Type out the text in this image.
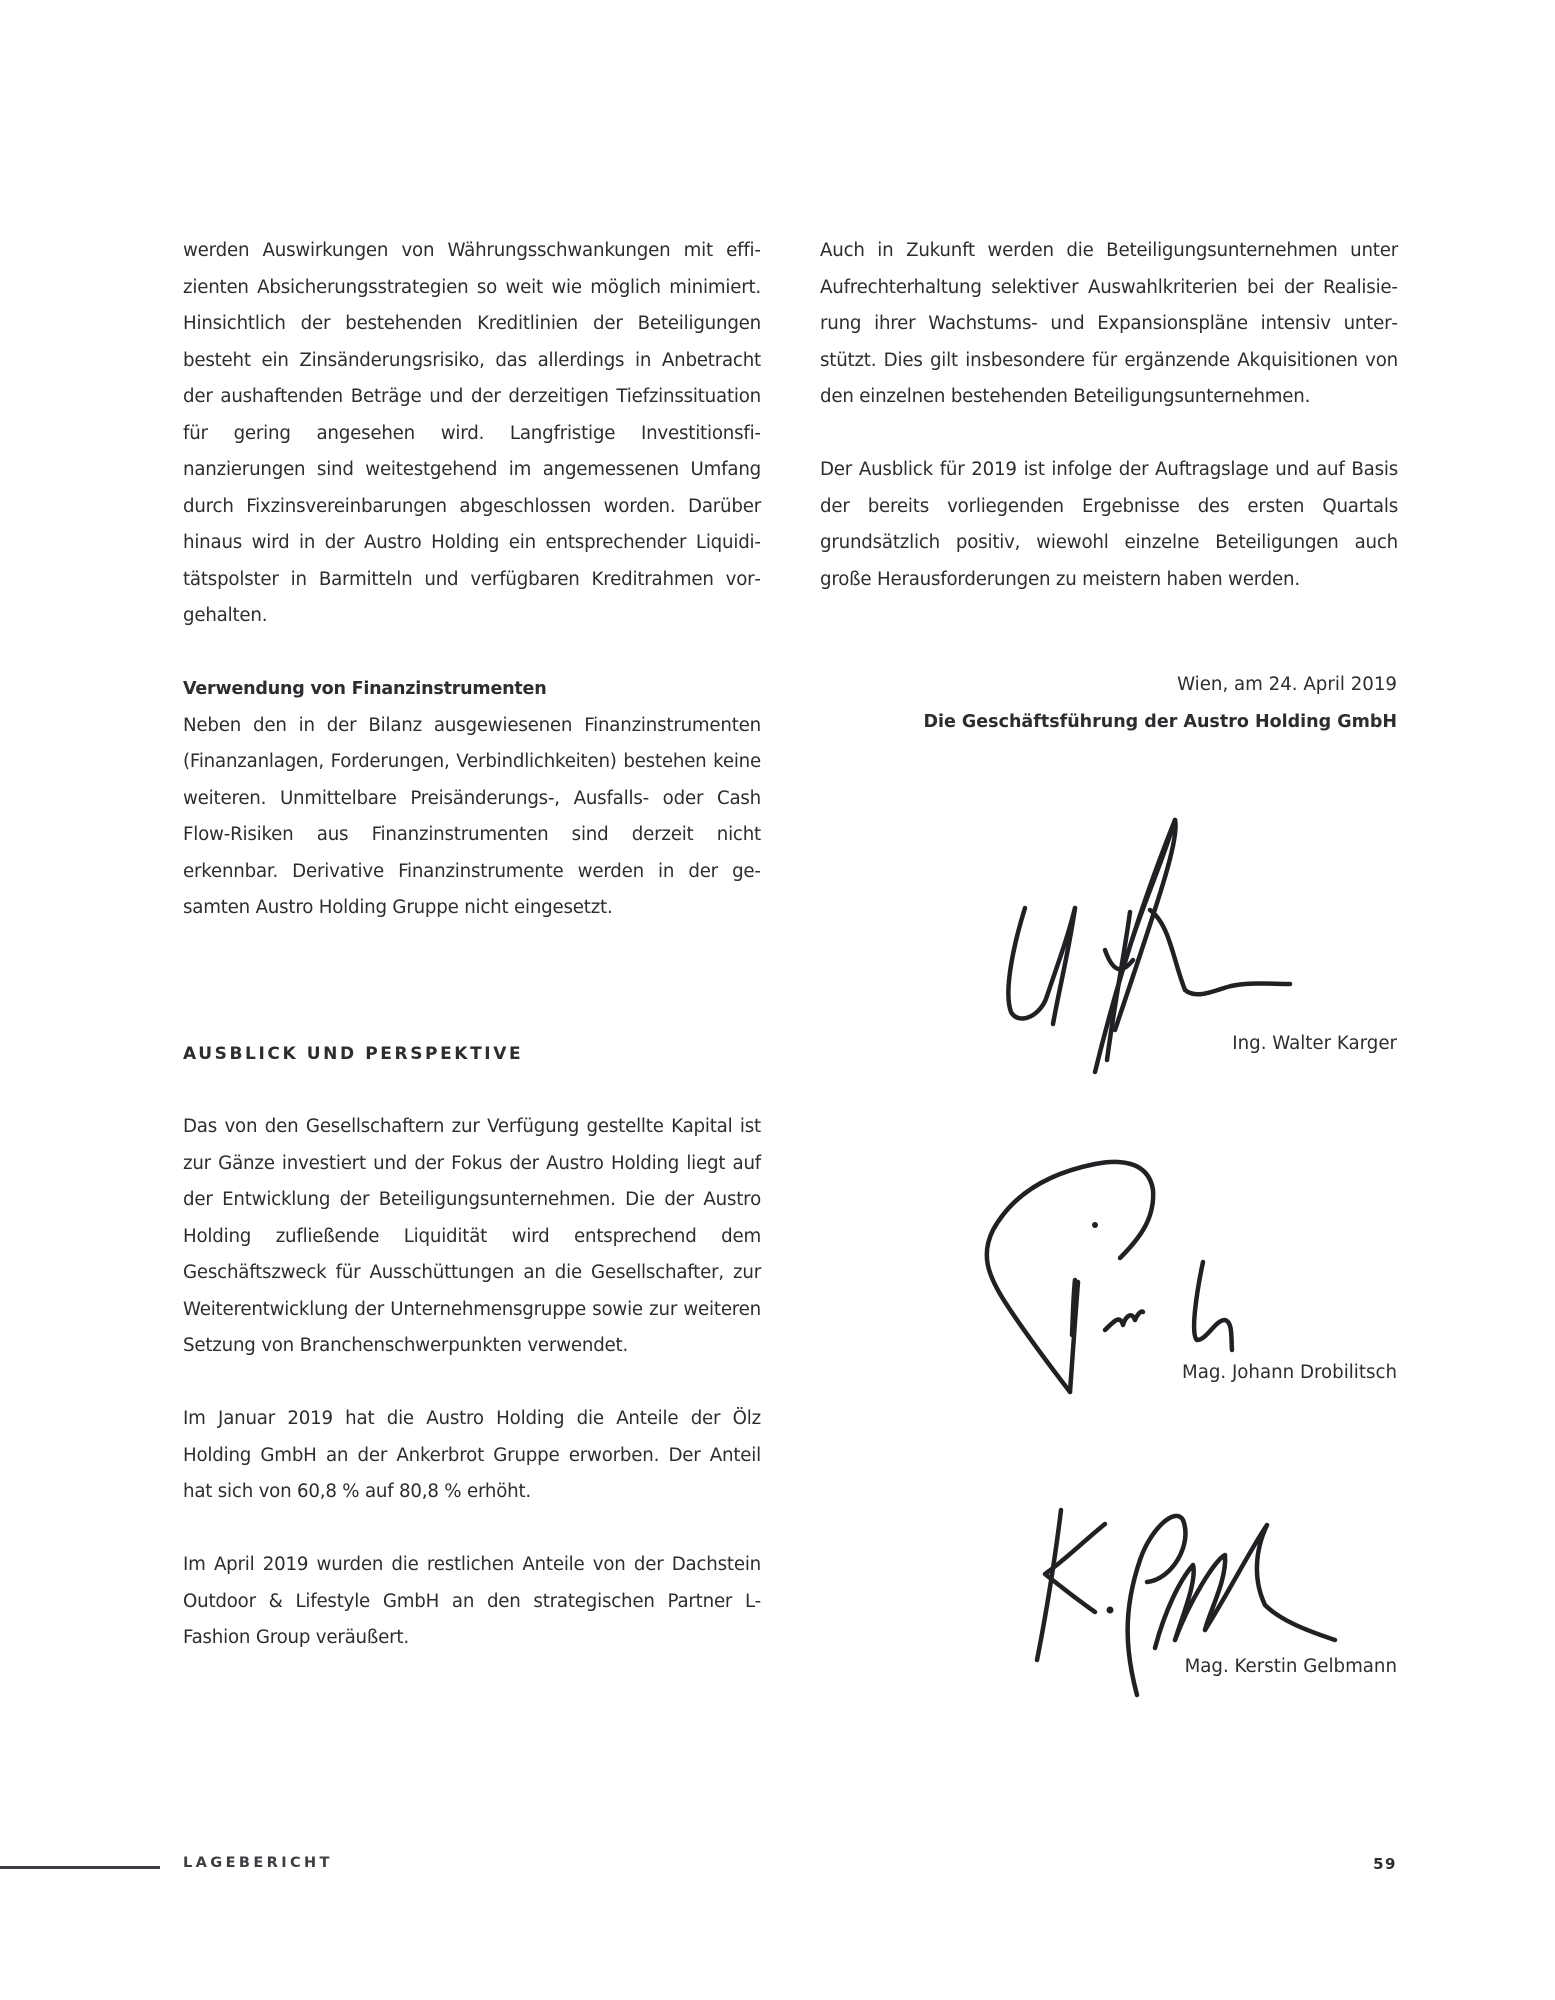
werden Auswirkungen von Währungsschwankungen mit effizienten Absicherungsstrategien so weit wie möglich minimiert. Hinsichtlich der bestehenden Kreditlinien der Beteiligungen besteht ein Zinsänderungsrisiko, das allerdings in Anbetracht der aushaftenden Beträge und der derzeitigen Tiefzinssituation für gering angesehen wird. Langfristige Investitionsfinanzierungen sind weitestgehend im angemessenen Umfang durch Fixzinsvereinbarungen abgeschlossen worden. Darüber hinaus wird in der Austro Holding ein entsprechender Liquiditätspolster in Barmitteln und verfügbaren Kreditrahmen vorgehalten.

Verwendung von Finanzinstrumenten

Neben den in der Bilanz ausgewiesenen Finanzinstrumenten (Finanzanlagen, Forderungen, Verbindlichkeiten) bestehen keine weiteren. Unmittelbare Preisänderungs-, Ausfalls- oder Cash Flow-Risiken aus Finanzinstrumenten sind derzeit nicht erkennbar. Derivative Finanzinstrumente werden in der gesamten Austro Holding Gruppe nicht eingesetzt.

AUSBLICK UND PERSPEKTIVE

Das von den Gesellschaftern zur Verfügung gestellte Kapital ist zur Gänze investiert und der Fokus der Austro Holding liegt auf der Entwicklung der Beteiligungsunternehmen. Die der Austro Holding zufließende Liquidität wird entsprechend dem Geschäftszweck für Ausschüttungen an die Gesellschafter, zur Weiterentwicklung der Unternehmensgruppe sowie zur weiteren Setzung von Branchenschwerpunkten verwendet.

Im Januar 2019 hat die Austro Holding die Anteile der Ölz Holding GmbH an der Ankerbrot Gruppe erworben. Der Anteil hat sich von 60,8 % auf 80,8 % erhöht.

Im April 2019 wurden die restlichen Anteile von der Dachstein Outdoor & Lifestyle GmbH an den strategischen Partner L-Fashion Group veräußert.

Auch in Zukunft werden die Beteiligungsunternehmen unter Aufrechterhaltung selektiver Auswahlkriterien bei der Realisierung ihrer Wachstums- und Expansionspläne intensiv unterstützt. Dies gilt insbesondere für ergänzende Akquisitionen von den einzelnen bestehenden Beteiligungsunternehmen.

Der Ausblick für 2019 ist infolge der Auftragslage und auf Basis der bereits vorliegenden Ergebnisse des ersten Quartals grundsätzlich positiv, wiewohl einzelne Beteiligungen auch große Herausforderungen zu meistern haben werden.

Wien, am 24. April 2019
Die Geschäftsführung der Austro Holding GmbH
Ing. Walter Karger
Mag. Johann Drobilitsch
Mag. Kerstin Gelbmann
LAGEBERICHT	59
